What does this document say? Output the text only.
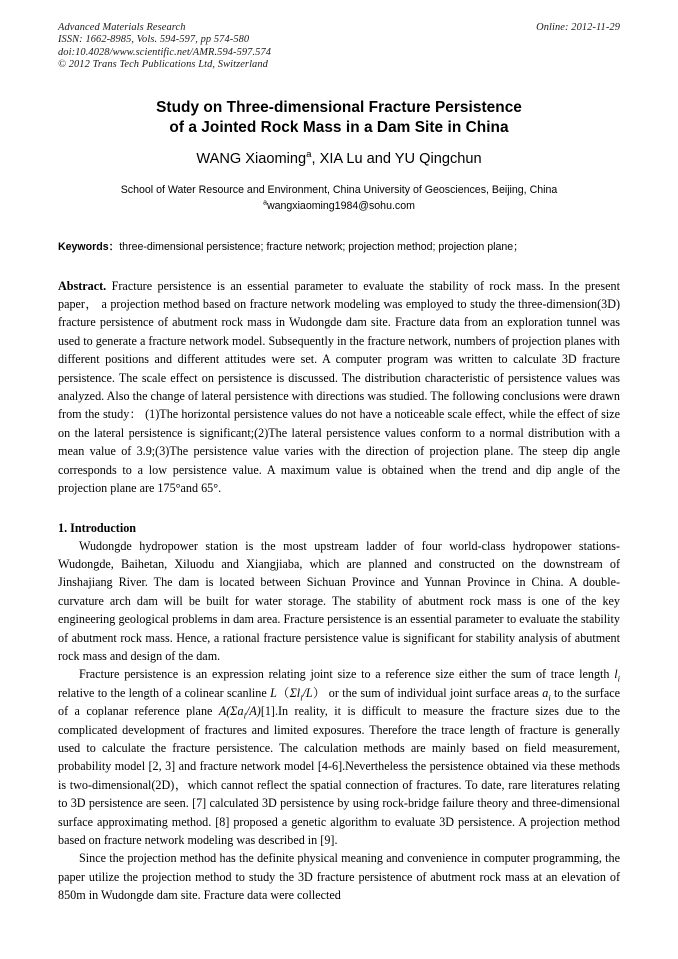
Advanced Materials Research
ISSN: 1662-8985, Vols. 594-597, pp 574-580
doi:10.4028/www.scientific.net/AMR.594-597.574
© 2012 Trans Tech Publications Ltd, Switzerland
Online: 2012-11-29
Study on Three-dimensional Fracture Persistence
of a Jointed Rock Mass in a Dam Site in China
WANG Xiaoming$^a$, XIA Lu and YU Qingchun
School of Water Resource and Environment, China University of Geosciences, Beijing, China
$^a$wangxiaoming1984@sohu.com
Keywords：three-dimensional persistence; fracture network; projection method; projection plane；
Abstract. Fracture persistence is an essential parameter to evaluate the stability of rock mass. In the present paper， a projection method based on fracture network modeling was employed to study the three-dimension(3D) fracture persistence of abutment rock mass in Wudongde dam site. Fracture data from an exploration tunnel was used to generate a fracture network model. Subsequently in the fracture network, numbers of projection planes with different positions and different attitudes were set. A computer program was written to calculate 3D fracture persistence. The scale effect on persistence is discussed. The distribution characteristic of persistence values was analyzed. Also the change of lateral persistence with directions was studied. The following conclusions were drawn from the study： (1)The horizontal persistence values do not have a noticeable scale effect, while the effect of size on the lateral persistence is significant;(2)The lateral persistence values conform to a normal distribution with a mean value of 3.9;(3)The persistence value varies with the direction of projection plane. The steep dip angle corresponds to a low persistence value. A maximum value is obtained when the trend and dip angle of the projection plane are 175°and 65°.
1. Introduction

Wudongde hydropower station is the most upstream ladder of four world-class hydropower stations-Wudongde, Baihetan, Xiluodu and Xiangjiaba, which are planned and constructed on the downstream of Jinshajiang River. The dam is located between Sichuan Province and Yunnan Province in China. A double-curvature arch dam will be built for water storage. The stability of abutment rock mass is one of the key engineering geological problems in dam area. Fracture persistence is an essential parameter to evaluate the stability of abutment rock mass. Hence, a rational fracture persistence value is significant for stability analysis of abutment rock mass and design of the dam.

Fracture persistence is an expression relating joint size to a reference size either the sum of trace length $l_i$ relative to the length of a colinear scanline $L(\Sigma l_i/L)$ or the sum of individual joint surface areas $a_i$ to the surface of a coplanar reference plane $A(\Sigma a_i/A)[1].In$ reality, it is difficult to measure the fracture sizes due to the complicated development of fractures and limited exposures. Therefore the trace length of fracture is generally used to calculate the fracture persistence. The calculation methods are mainly based on field measurement, probability model [2, 3] and fracture network model [4-6].Nevertheless the persistence obtained via these methods is two-dimensional(2D)，which cannot reflect the spatial connection of fractures. To date, rare literatures relating to 3D persistence are seen. [7] calculated 3D persistence by using rock-bridge failure theory and three-dimensional surface approximating method. [8] proposed a genetic algorithm to evaluate 3D persistence. A projection method based on fracture network modeling was described in [9].

Since the projection method has the definite physical meaning and convenience in computer programming, the paper utilize the projection method to study the 3D fracture persistence of abutment rock mass at an elevation of 850m in Wudongde dam site. Fracture data were collected
